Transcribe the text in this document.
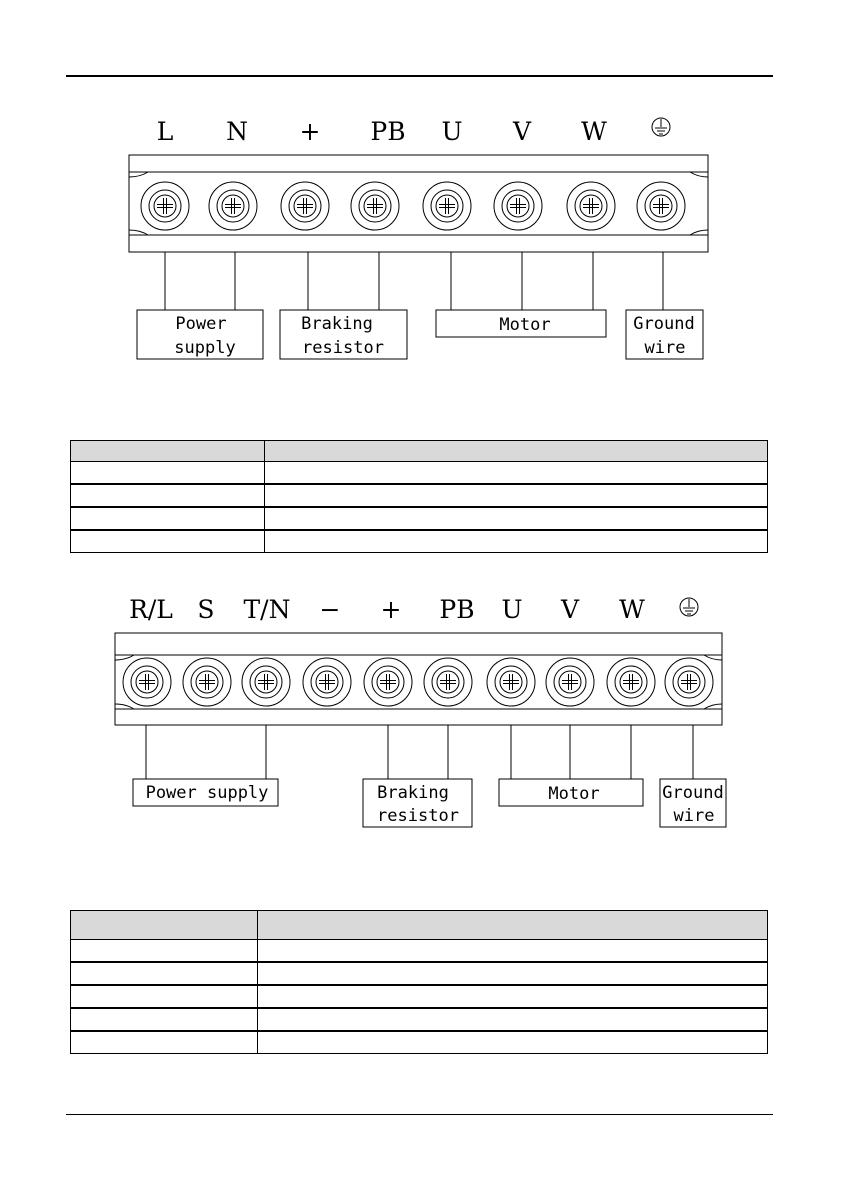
L N + PB U V W
Power
supply
Braking
resistor
Motor	Ground
wire

R/L S T/N − + PB U V W
Power supply	Braking
resistor
Motor	Ground
wire
